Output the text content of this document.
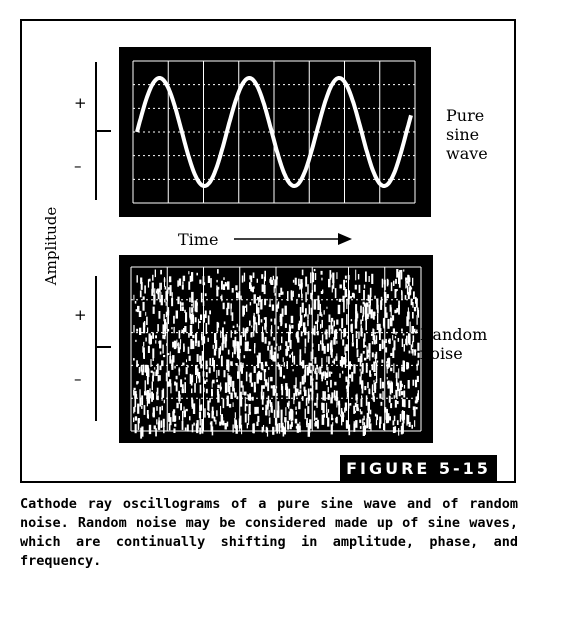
+
–
+
–
Amplitude	Time
Pure
sine
wave
Random
noise
FIGURE 5-15
Cathode ray oscillograms of a pure sine wave and of random noise. Random noise may be considered made up of sine waves, which are continually shifting in amplitude, phase, and frequency.
